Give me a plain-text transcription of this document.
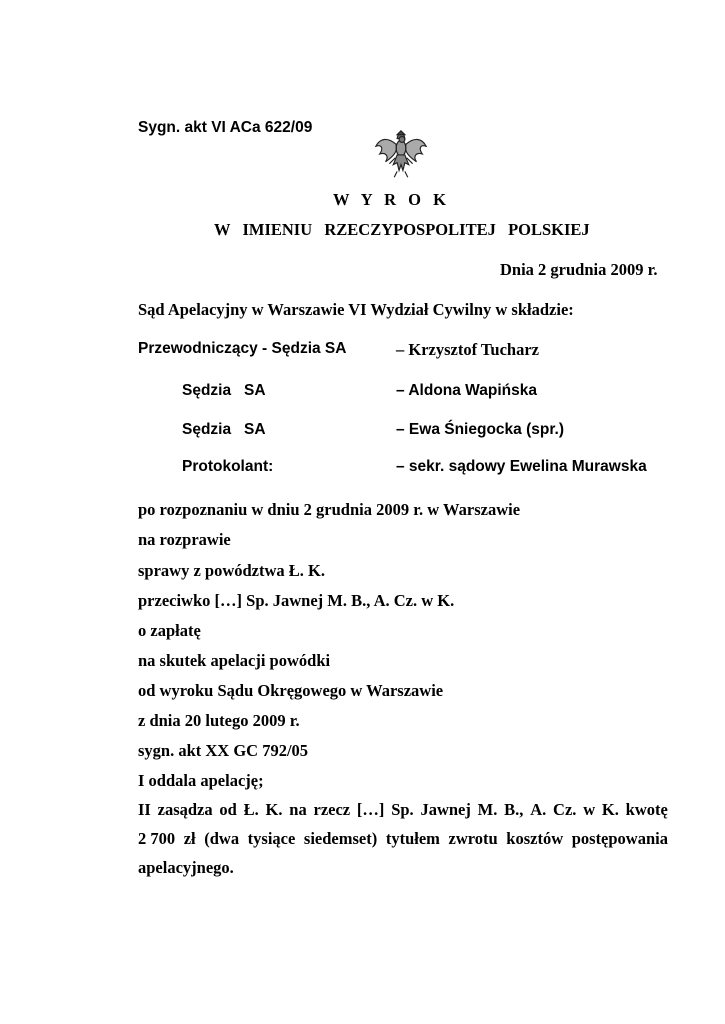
Sygn. akt VI ACa 622/09
W Y R O K
W  IMIENIU  RZECZYPOSPOLITEJ  POLSKIEJ
Dnia 2 grudnia 2009 r.
Sąd Apelacyjny w Warszawie VI Wydział Cywilny w składzie:
Przewodniczący - Sędzia SA	– Krzysztof Tucharz
Sędzia   SA	– Aldona Wapińska
Sędzia   SA	– Ewa Śniegocka (spr.)
Protokolant:	– sekr. sądowy Ewelina Murawska
po rozpoznaniu w dniu 2 grudnia 2009 r. w Warszawie
na rozprawie
sprawy z powództwa Ł. K.
przeciwko […] Sp. Jawnej M. B., A. Cz. w K.
o zapłatę
na skutek apelacji powódki
od wyroku Sądu Okręgowego w Warszawie
z dnia 20 lutego 2009 r.
sygn. akt XX GC 792/05
I oddala apelację;
II zasądza od Ł. K. na rzecz […] Sp. Jawnej M. B., A. Cz. w K. kwotę
2 700 zł (dwa tysiące siedemset) tytułem zwrotu kosztów postępowania
apelacyjnego.
